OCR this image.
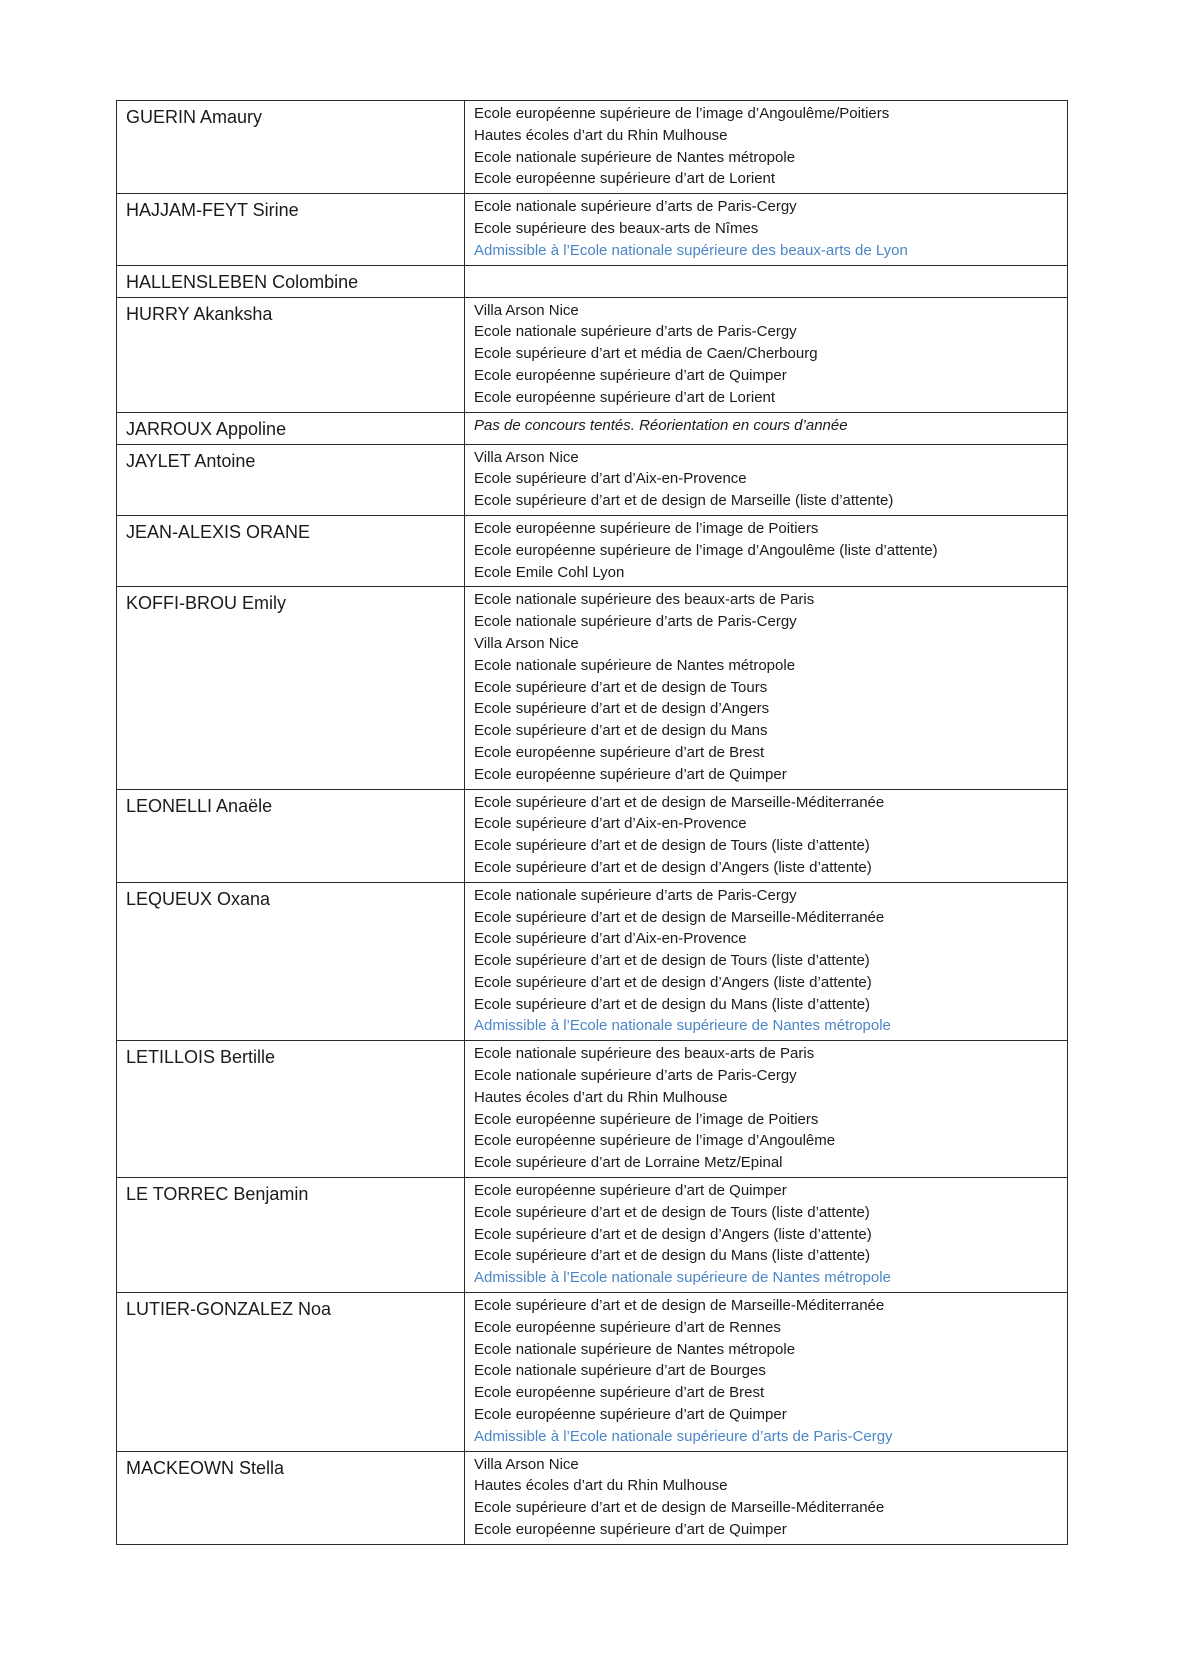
GUERIN Amaury	Ecole européenne supérieure de l’image d’Angoulême/Poitiers
Hautes écoles d’art du Rhin Mulhouse
Ecole nationale supérieure de Nantes métropole
Ecole européenne supérieure d’art de Lorient

HAJJAM-FEYT Sirine	Ecole nationale supérieure d’arts de Paris-Cergy
Ecole supérieure des beaux-arts de Nîmes
Admissible à l’Ecole nationale supérieure des beaux-arts de Lyon

HALLENSLEBEN Colombine	
HURRY Akanksha	Villa Arson Nice
Ecole nationale supérieure d’arts de Paris-Cergy
Ecole supérieure d’art et média de Caen/Cherbourg
Ecole européenne supérieure d’art de Quimper
Ecole européenne supérieure d’art de Lorient

JARROUX Appoline	Pas de concours tentés. Réorientation en cours d’année

JAYLET Antoine	Villa Arson Nice
Ecole supérieure d’art d’Aix-en-Provence
Ecole supérieure d’art et de design de Marseille (liste d’attente)

JEAN-ALEXIS ORANE	Ecole européenne supérieure de l’image de Poitiers
Ecole européenne supérieure de l’image d’Angoulême (liste d’attente)
Ecole Emile Cohl Lyon

KOFFI-BROU Emily	Ecole nationale supérieure des beaux-arts de Paris
Ecole nationale supérieure d’arts de Paris-Cergy
Villa Arson Nice
Ecole nationale supérieure de Nantes métropole
Ecole supérieure d’art et de design de Tours
Ecole supérieure d’art et de design d’Angers
Ecole supérieure d’art et de design du Mans
Ecole européenne supérieure d’art de Brest
Ecole européenne supérieure d’art de Quimper

LEONELLI Anaële	Ecole supérieure d’art et de design de Marseille-Méditerranée
Ecole supérieure d’art d’Aix-en-Provence
Ecole supérieure d’art et de design de Tours (liste d’attente)
Ecole supérieure d’art et de design d’Angers (liste d’attente)

LEQUEUX Oxana	Ecole nationale supérieure d’arts de Paris-Cergy
Ecole supérieure d’art et de design de Marseille-Méditerranée
Ecole supérieure d’art d’Aix-en-Provence
Ecole supérieure d’art et de design de Tours (liste d’attente)
Ecole supérieure d’art et de design d’Angers (liste d’attente)
Ecole supérieure d’art et de design du Mans (liste d’attente)
Admissible à l’Ecole nationale supérieure de Nantes métropole

LETILLOIS Bertille	Ecole nationale supérieure des beaux-arts de Paris
Ecole nationale supérieure d’arts de Paris-Cergy
Hautes écoles d’art du Rhin Mulhouse
Ecole européenne supérieure de l’image de Poitiers
Ecole européenne supérieure de l’image d’Angoulême
Ecole supérieure d’art de Lorraine Metz/Epinal

LE TORREC Benjamin	Ecole européenne supérieure d’art de Quimper
Ecole supérieure d’art et de design de Tours (liste d’attente)
Ecole supérieure d’art et de design d’Angers (liste d’attente)
Ecole supérieure d’art et de design du Mans (liste d’attente)
Admissible à l’Ecole nationale supérieure de Nantes métropole

LUTIER-GONZALEZ Noa	Ecole supérieure d’art et de design de Marseille-Méditerranée
Ecole européenne supérieure d’art de Rennes
Ecole nationale supérieure de Nantes métropole
Ecole nationale supérieure d’art de Bourges
Ecole européenne supérieure d’art de Brest
Ecole européenne supérieure d’art de Quimper
Admissible à l’Ecole nationale supérieure d’arts de Paris-Cergy

MACKEOWN Stella	Villa Arson Nice
Hautes écoles d’art du Rhin Mulhouse
Ecole supérieure d’art et de design de Marseille-Méditerranée
Ecole européenne supérieure d’art de Quimper
